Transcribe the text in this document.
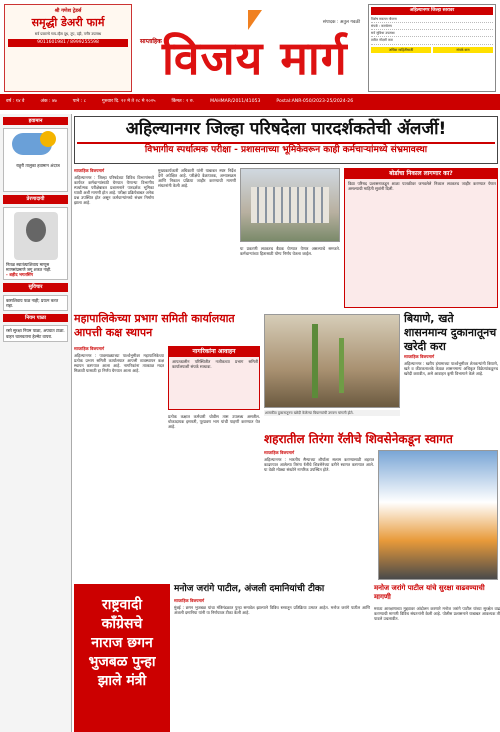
श्री गणेश ट्रेडर्स
समृद्धी डेअरी फार्म
सर्व प्रकारचे गाय-म्हैस दूध, तूप, दही, पनीर उपलब्ध
9011601981 / 8999255598	साप्ताहिक विजय मार्ग
संपादक : अतुल गवळी
अहिल्यानगर जिल्हा स्तरावर
विशेष सवलत योजना
संपर्क : कार्यालय
सर्व सुविधा उपलब्ध
त्वरित नोंदणी करा
अधिक माहितीसाठी	संपर्क करा
वर्ष : १४ वे	अंक : ४७	पाने : ८	गुरुवार दि. २२ मे ते २८ मे २०२५	किंमत : २ रु.	MAHMAR/2011/41053	Postal:ANR-050/2023-25/2024-26
हवामान

राहुरी तालुका हवामान अंदाज

प्रेरणादायी

नितळ स्वातंत्र्याशिवाय माणूस माणसांप्रमाणे जगू शकत नाही.

- शहीद भगतसिंग

सुविचार

कष्टाशिवाय फळ नाही; प्रयत्न करत राहा.

नियम पाळा

रस्ते सुरक्षा नियम पाळा, अपघात टाळा. वाहन चालवताना हेल्मेट वापरा.

अहिल्यानगर जिल्हा परिषदेला पारदर्शकतेची ॲलर्जी!
विभागीय स्पर्धात्मक परीक्षा - प्रशासनाच्या भूमिकेवरून काही कर्मचाऱ्यांमध्ये संभ्रमावस्था

साप्ताहिक विजयमार्ग

अहिल्यानगर : जिल्हा परिषदेच्या विविध विभागांमध्ये कार्यरत कर्मचाऱ्यांसाठी घेण्यात येणाऱ्या विभागीय स्पर्धात्मक परीक्षेबाबत प्रशासनाने पारदर्शक भूमिका घ्यावी अशी मागणी होत आहे. परीक्षा प्रक्रियेबाबत अनेक प्रश्न उपस्थित होत असून कर्मचाऱ्यांमध्ये संभ्रम निर्माण झाला आहे.

मुख्यकार्यकारी अधिकारी यांनी याबाबत स्पष्ट निर्देश देणे अपेक्षित आहे. परीक्षेचे वेळापत्रक, अभ्यासक्रम आणि निकाल प्रक्रिया जाहीर करण्याची मागणी संघटनांनी केली आहे.

या प्रकरणी लवकरच बैठक घेण्यात येणार असल्याचे समजते. कर्मचाऱ्यांच्या हितासाठी योग्य निर्णय घेतला जाईल.

बोर्डाचा निकाल लागणार का?

विद्या परिषद प्रशासनाकडून शाळा पातळीवर जमवलेले निकाल लवकरच जाहीर करण्यात येणार असल्याची माहिती सूत्रांनी दिली.

महापालिकेच्या प्रभाग समिती कार्यालयात आपत्ती कक्ष स्थापन

साप्ताहिक विजयमार्ग

अहिल्यानगर : पावसाळ्याच्या पार्श्वभूमीवर महापालिकेच्या प्रत्येक प्रभाग समिती कार्यालयात आपत्ती व्यवस्थापन कक्ष स्थापन करण्यात आला आहे. नागरिकांना तात्काळ मदत मिळावी यासाठी हा निर्णय घेण्यात आला आहे.

नागरिकांना आवाहन

आपत्कालीन परिस्थितीत नजीकच्या प्रभाग समिती कार्यालयाशी संपर्क साधावा.

प्रत्येक कक्षात कर्मचारी चोवीस तास उपलब्ध असतील. धोकादायक इमारती, पूरप्रवण भाग यांची पाहणी करण्यात येत आहे.

शासकीय दुकानातूनच खरेदी केलेल्या बियाण्यांची उगवण चांगली होते.
बियाणे, खते शासनमान्य दुकानातूनच खरेदी करा

साप्ताहिक विजयमार्ग

अहिल्यानगर : खरीप हंगामाच्या पार्श्वभूमीवर शेतकऱ्यांनी बियाणे, खते व कीटकनाशके केवळ शासनमान्य अधिकृत विक्रेत्यांकडूनच खरेदी करावीत, असे आवाहन कृषी विभागाने केले आहे.

शहरातील तिरंगा रॅलीचे शिवसेनेकडून स्वागत

साप्ताहिक विजयमार्ग

अहिल्यानगर : भारतीय सैन्याच्या शौर्याला सलाम करण्यासाठी शहरात काढण्यात आलेल्या तिरंगा रॅलीचे शिवसेनेच्या वतीने स्वागत करण्यात आले. या वेळी मोठ्या संख्येने नागरिक उपस्थित होते.

मनोज जरांगे पाटील, अंजली दमानियांची टीका
राष्ट्रवादी
काँग्रेसचे
नाराज छगन
भुजबळ पुन्हा
झाले मंत्री

साप्ताहिक विजयमार्ग

मुंबई : छगन भुजबळ यांचा मंत्रिमंडळात पुन्हा समावेश झाल्याने विविध स्तरातून प्रतिक्रिया उमटत आहेत. मनोज जरांगे पाटील आणि अंजली दमानिया यांनी या निर्णयावर टीका केली आहे.

मनोज जरांगे पाटील यांचे सुरक्षा वाढवण्याची मागणी

मराठा आरक्षणाच्या मुद्द्यावर आंदोलन करणारे मनोज जरांगे पाटील यांच्या सुरक्षेत वाढ करण्याची मागणी विविध संघटनांनी केली आहे. पोलीस प्रशासनाने याबाबत आवश्यक ती पावले उचलावीत.
